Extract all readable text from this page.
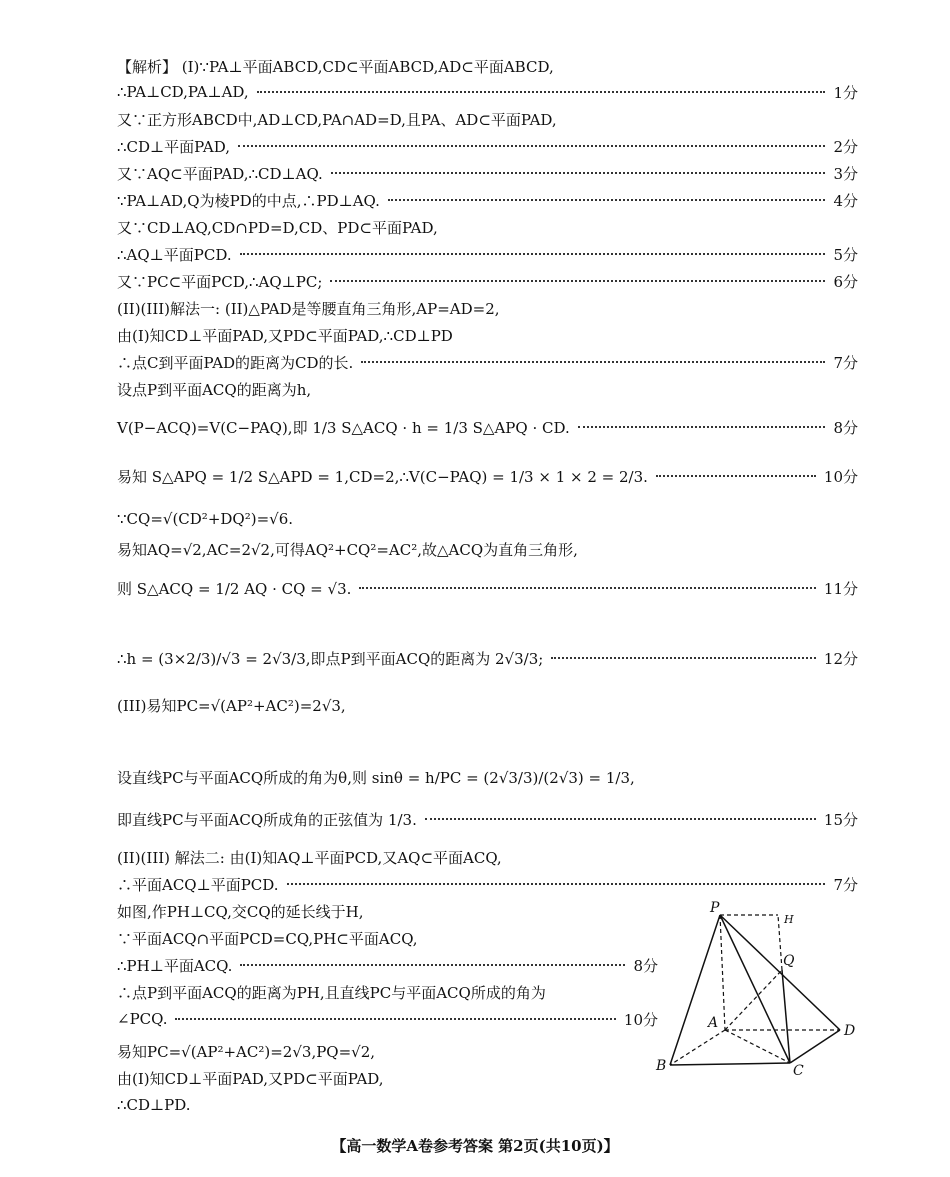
【解析】 (I)∵PA⊥平面ABCD,CD⊂平面ABCD,AD⊂平面ABCD,
∴PA⊥CD,PA⊥AD,	1分
又∵正方形ABCD中,AD⊥CD,PA∩AD=D,且PA、AD⊂平面PAD,
∴CD⊥平面PAD,	2分
又∵AQ⊂平面PAD,∴CD⊥AQ.	3分
∵PA⊥AD,Q为棱PD的中点,∴PD⊥AQ.	4分
又∵CD⊥AQ,CD∩PD=D,CD、PD⊂平面PAD,
∴AQ⊥平面PCD.	5分
又∵PC⊂平面PCD,∴AQ⊥PC;	6分
(II)(III)解法一: (II)△PAD是等腰直角三角形,AP=AD=2,
由(I)知CD⊥平面PAD,又PD⊂平面PAD,∴CD⊥PD
∴点C到平面PAD的距离为CD的长.	7分
设点P到平面ACQ的距离为h,
V(P−ACQ)=V(C−PAQ),即 1/3 S△ACQ · h = 1/3 S△APQ · CD.	8分
易知 S△APQ = 1/2 S△APD = 1,CD=2,∴V(C−PAQ) = 1/3 × 1 × 2 = 2/3.	10分
∵CQ=√(CD²+DQ²)=√6.
易知AQ=√2,AC=2√2,可得AQ²+CQ²=AC²,故△ACQ为直角三角形,
则 S△ACQ = 1/2 AQ · CQ = √3.	11分
∴h = (3×2/3)/√3 = 2√3/3,即点P到平面ACQ的距离为 2√3/3;	12分
(III)易知PC=√(AP²+AC²)=2√3,
设直线PC与平面ACQ所成的角为θ,则 sinθ = h/PC = (2√3/3)/(2√3) = 1/3,
即直线PC与平面ACQ所成角的正弦值为 1/3.	15分
(II)(III) 解法二: 由(I)知AQ⊥平面PCD,又AQ⊂平面ACQ,
∴平面ACQ⊥平面PCD.	7分
如图,作PH⊥CQ,交CQ的延长线于H,
∵平面ACQ∩平面PCD=CQ,PH⊂平面ACQ,
∴PH⊥平面ACQ.	8分
∴点P到平面ACQ的距离为PH,且直线PC与平面ACQ所成的角为
∠PCQ.	10分
易知PC=√(AP²+AC²)=2√3,PQ=√2,
由(I)知CD⊥平面PAD,又PD⊂平面PAD,
∴CD⊥PD.
P
H
Q
A	D
B	C
【高一数学A卷参考答案 第2页(共10页)】
